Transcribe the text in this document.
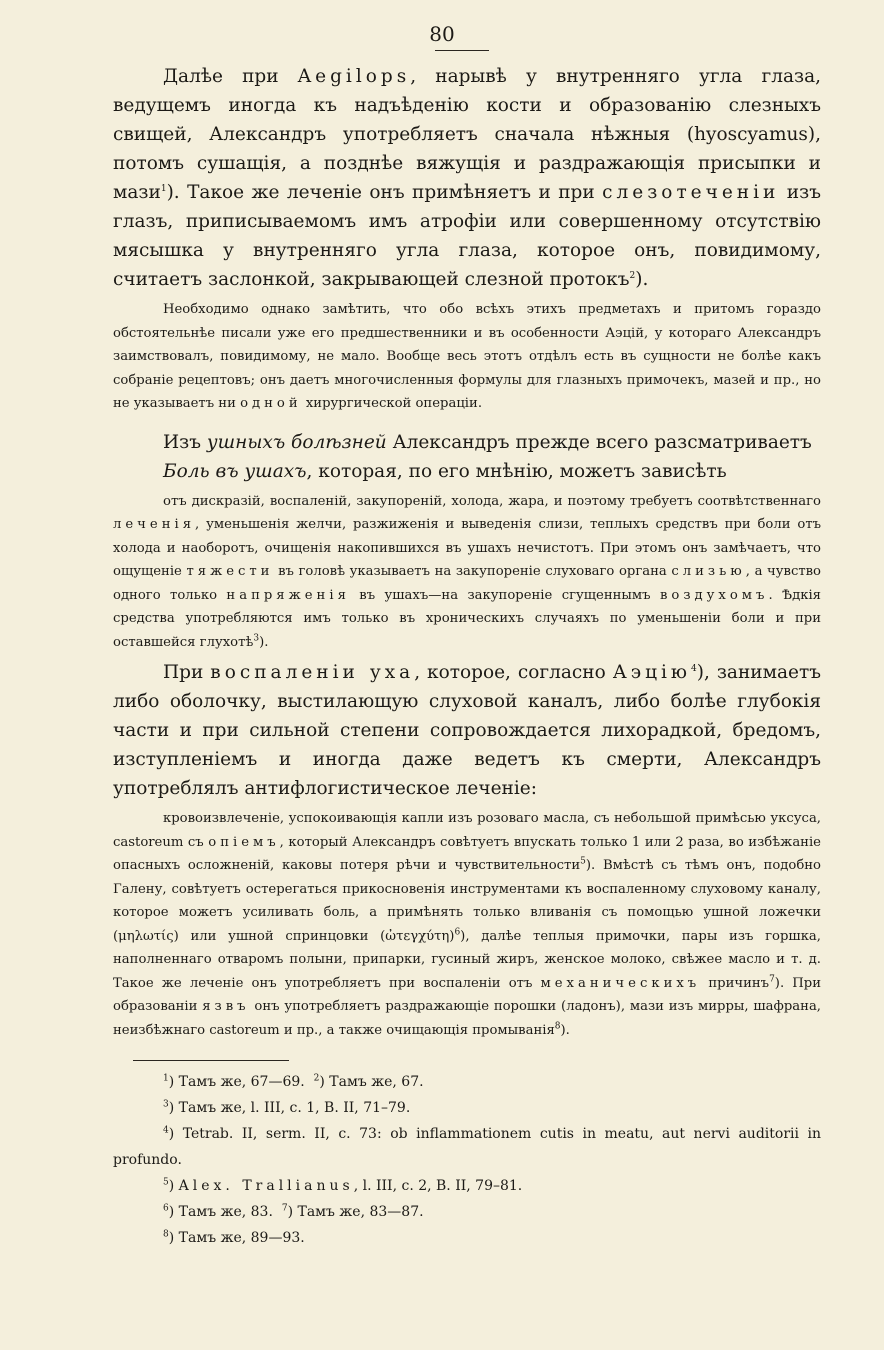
80

Далѣе при Aegilops, нарывѣ у внутренняго угла глаза, ведущемъ иногда къ надъѣденію кости и образованію слезныхъ свищей, Александръ употребляетъ сначала нѣжныя (hyoscyamus), потомъ сушащія, а позднѣе вяжущія и раздражающія присыпки и мази$^1$). Такое же леченіе онъ примѣняетъ и при слезотеченіи изъ глазъ, приписываемомъ имъ атрофіи или совершенному отсутствію мясышка у внутренняго угла глаза, которое онъ, повидимому, считаетъ заслонкой, закрывающей слезной протокъ$^2$).

Необходимо однако замѣтить, что обо всѣхъ этихъ предметахъ и притомъ гораздо обстоятельнѣе писали уже его предшественники и въ особенности Аэцій, у котораго Александръ заимствовалъ, повидимому, не мало. Вообще весь этотъ отдѣлъ есть въ сущности не болѣе какъ собраніе рецептовъ; онъ даетъ многочисленныя формулы для глазныхъ примочекъ, мазей и пр., но не указываетъ ни одной хирургической операціи.

Изъ ушныхъ болѣзней Александръ прежде всего разсматриваетъ

Боль въ ушахъ, которая, по его мнѣнію, можетъ зависѣть

отъ дискразій, воспаленій, закупореній, холода, жара, и поэтому требуетъ соотвѣтственнаго леченія, уменьшенія желчи, разжиженія и выведенія слизи, теплыхъ средствъ при боли отъ холода и наоборотъ, очищенія накопившихся въ ушахъ нечистотъ. При этомъ онъ замѣчаетъ, что ощущеніе тяжести въ головѣ указываетъ на закупореніе слуховаго органа слизью, а чувство одного только напряженія въ ушахъ—на закупореніе сгущеннымъ воздухомъ. Ѣдкія средства употребляются имъ только въ хроническихъ случаяхъ по уменьшеніи боли и при оставшейся глухотѣ$^3$).

При воспаленіи уха, которое, согласно Аэцію$^4$), занимаетъ либо оболочку, выстилающую слуховой каналъ, либо болѣе глубокія части и при сильной степени сопровождается лихорадкой, бредомъ, изступленіемъ и иногда даже ведетъ къ смерти, Александръ употреблялъ антифлогистическое леченіе:

кровоизвлеченіе, успокоивающія капли изъ розоваго масла, съ небольшой примѣсью уксуса, castoreum съ опіемъ, который Александръ совѣтуетъ впускать только 1 или 2 раза, во избѣжаніе опасныхъ осложненій, каковы потеря рѣчи и чувствительности$^5$). Вмѣстѣ съ тѣмъ онъ, подобно Галену, совѣтуетъ остерегаться прикосновенія инструментами къ воспаленному слуховому каналу, которое можетъ усиливать боль, а примѣнять только вливанія съ помощью ушной ложечки (μηλωτίς) или ушной спринцовки (ὠτεγχύτη)$^6$), далѣе теплыя примочки, пары изъ горшка, наполненнаго отваромъ полыни, припарки, гусиный жиръ, женское молоко, свѣжее масло и т. д. Такое же леченіе онъ употребляетъ при воспаленіи отъ механическихъ причинъ$^7$). При образованіи язвъ онъ употребляетъ раздражающіе порошки (ладонъ), мази изъ мирры, шафрана, неизбѣжнаго castoreum и пр., а также очищающія промыванія$^8$).

$^1$) Тамъ же, 67—69. $^2$) Тамъ же, 67.

$^3$) Тамъ же, l. III, c. 1, B. II, 71–79.

$^4$) Tetrab. II, serm. II, c. 73: ob inflammationem cutis in meatu, aut nervi auditorii in profundo.

$^5$) Alex. Trallianus, l. III, c. 2, B. II, 79–81.

$^6$) Тамъ же, 83. $^7$) Тамъ же, 83—87.

$^8$) Тамъ же, 89—93.
